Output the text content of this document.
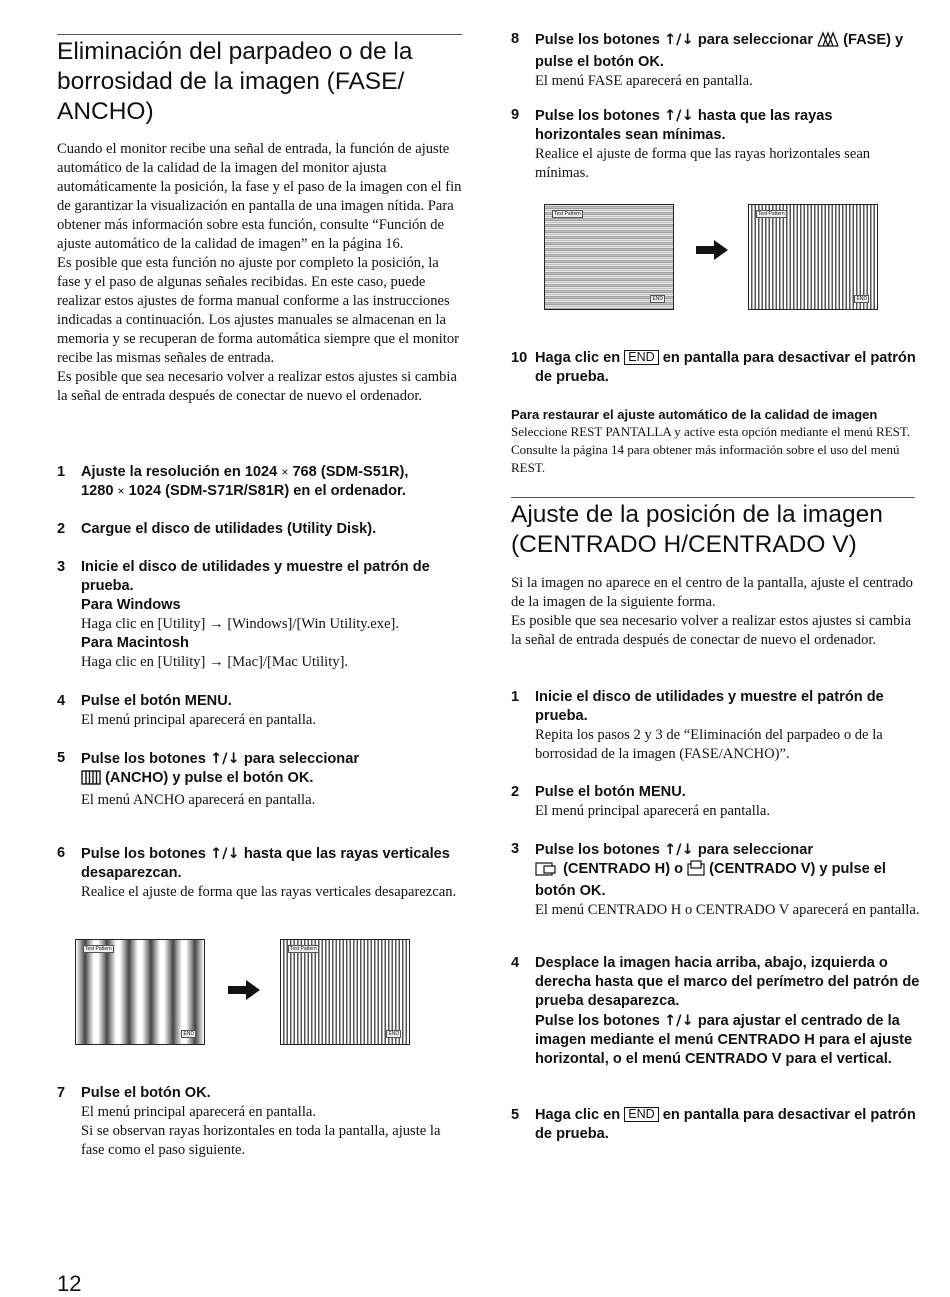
Eliminación del parpadeo o de la borrosidad de la imagen (FASE/ ANCHO)
Cuando el monitor recibe una señal de entrada, la función de ajuste automático de la calidad de la imagen del monitor ajusta automáticamente la posición, la fase y el paso de la imagen con el fin de garantizar la visualización en pantalla de una imagen nítida. Para obtener más información sobre esta función, consulte “Función de ajuste automático de la calidad de imagen” en la página 16.
Es posible que esta función no ajuste por completo la posición, la fase y el paso de algunas señales recibidas. En este caso, puede realizar estos ajustes de forma manual conforme a las instrucciones indicadas a continuación. Los ajustes manuales se almacenan en la memoria y se recuperan de forma automática siempre que el monitor recibe las mismas señales de entrada.
Es posible que sea necesario volver a realizar estos ajustes si cambia la señal de entrada después de conectar de nuevo el ordenador.
1 Ajuste la resolución en 1024 × 768 (SDM-S51R),
1280 × 1024 (SDM-S71R/S81R) en el ordenador.

2 Cargue el disco de utilidades (Utility Disk).

3 Inicie el disco de utilidades y muestre el patrón de prueba.

Para Windows

Haga clic en [Utility] → [Windows]/[Win Utility.exe].

Para Macintosh

Haga clic en [Utility] → [Mac]/[Mac Utility].

4 Pulse el botón MENU.

El menú principal aparecerá en pantalla.

5 Pulse los botones ↑/↓ para seleccionar
(ANCHO) y pulse el botón OK.

El menú ANCHO aparecerá en pantalla.

6 Pulse los botones ↑/↓ hasta que las rayas verticales desaparezcan.

Realice el ajuste de forma que las rayas verticales desaparezcan.

Test Pattern
END
Test Pattern
END
7 Pulse el botón OK.

El menú principal aparecerá en pantalla.

Si se observan rayas horizontales en toda la pantalla, ajuste la fase como el paso siguiente.

12
8 Pulse los botones ↑/↓ para seleccionar (FASE) y pulse el botón OK.

El menú FASE aparecerá en pantalla.

9 Pulse los botones ↑/↓ hasta que las rayas horizontales sean mínimas.

Realice el ajuste de forma que las rayas horizontales sean mínimas.

Test Pattern
END
Test Pattern
END
10 Haga clic en END en pantalla para desactivar el patrón de prueba.

Para restaurar el ajuste automático de la calidad de imagen

Seleccione REST PANTALLA y active esta opción mediante el menú REST. Consulte la página 14 para obtener más información sobre el uso del menú REST.

Ajuste de la posición de la imagen (CENTRADO H/CENTRADO V)
Si la imagen no aparece en el centro de la pantalla, ajuste el centrado de la imagen de la siguiente forma.
Es posible que sea necesario volver a realizar estos ajustes si cambia la señal de entrada después de conectar de nuevo el ordenador.
1 Inicie el disco de utilidades y muestre el patrón de prueba.

Repita los pasos 2 y 3 de “Eliminación del parpadeo o de la borrosidad de la imagen (FASE/ANCHO)”.

2 Pulse el botón MENU.

El menú principal aparecerá en pantalla.

3 Pulse los botones ↑/↓ para seleccionar
(CENTRADO H) o (CENTRADO V) y pulse el botón OK.

El menú CENTRADO H o CENTRADO V aparecerá en pantalla.

4 Desplace la imagen hacia arriba, abajo, izquierda o derecha hasta que el marco del perímetro del patrón de prueba desaparezca.

Pulse los botones ↑/↓ para ajustar el centrado de la imagen mediante el menú CENTRADO H para el ajuste horizontal, o el menú CENTRADO V para el vertical.

5 Haga clic en END en pantalla para desactivar el patrón de prueba.
